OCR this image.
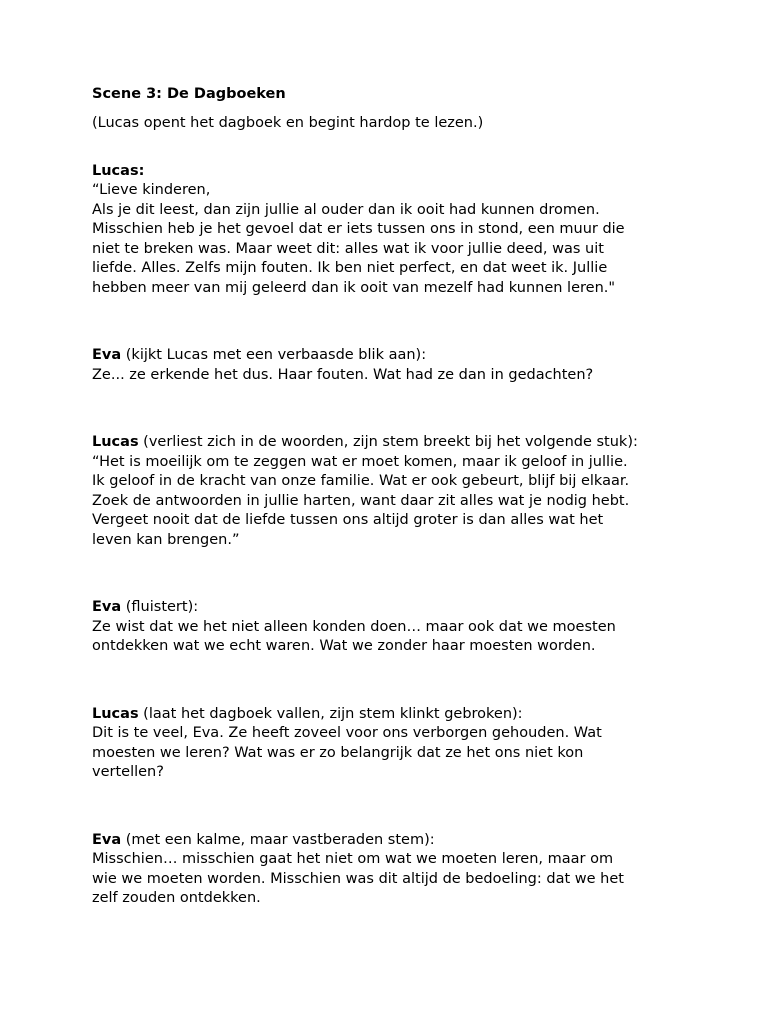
Scene 3: De Dagboeken
(Lucas opent het dagboek en begint hardop te lezen.)

Lucas:

“Lieve kinderen,
Als je dit leest, dan zijn jullie al ouder dan ik ooit had kunnen dromen.
Misschien heb je het gevoel dat er iets tussen ons in stond, een muur die
niet te breken was. Maar weet dit: alles wat ik voor jullie deed, was uit
liefde. Alles. Zelfs mijn fouten. Ik ben niet perfect, en dat weet ik. Jullie
hebben meer van mij geleerd dan ik ooit van mezelf had kunnen leren."

Eva (kijkt Lucas met een verbaasde blik aan):

Ze... ze erkende het dus. Haar fouten. Wat had ze dan in gedachten?

Lucas (verliest zich in de woorden, zijn stem breekt bij het volgende stuk):

“Het is moeilijk om te zeggen wat er moet komen, maar ik geloof in jullie.
Ik geloof in de kracht van onze familie. Wat er ook gebeurt, blijf bij elkaar.
Zoek de antwoorden in jullie harten, want daar zit alles wat je nodig hebt.
Vergeet nooit dat de liefde tussen ons altijd groter is dan alles wat het
leven kan brengen.”

Eva (fluistert):

Ze wist dat we het niet alleen konden doen… maar ook dat we moesten
ontdekken wat we echt waren. Wat we zonder haar moesten worden.

Lucas (laat het dagboek vallen, zijn stem klinkt gebroken):

Dit is te veel, Eva. Ze heeft zoveel voor ons verborgen gehouden. Wat
moesten we leren? Wat was er zo belangrijk dat ze het ons niet kon
vertellen?

Eva (met een kalme, maar vastberaden stem):

Misschien… misschien gaat het niet om wat we moeten leren, maar om
wie we moeten worden. Misschien was dit altijd de bedoeling: dat we het
zelf zouden ontdekken.
